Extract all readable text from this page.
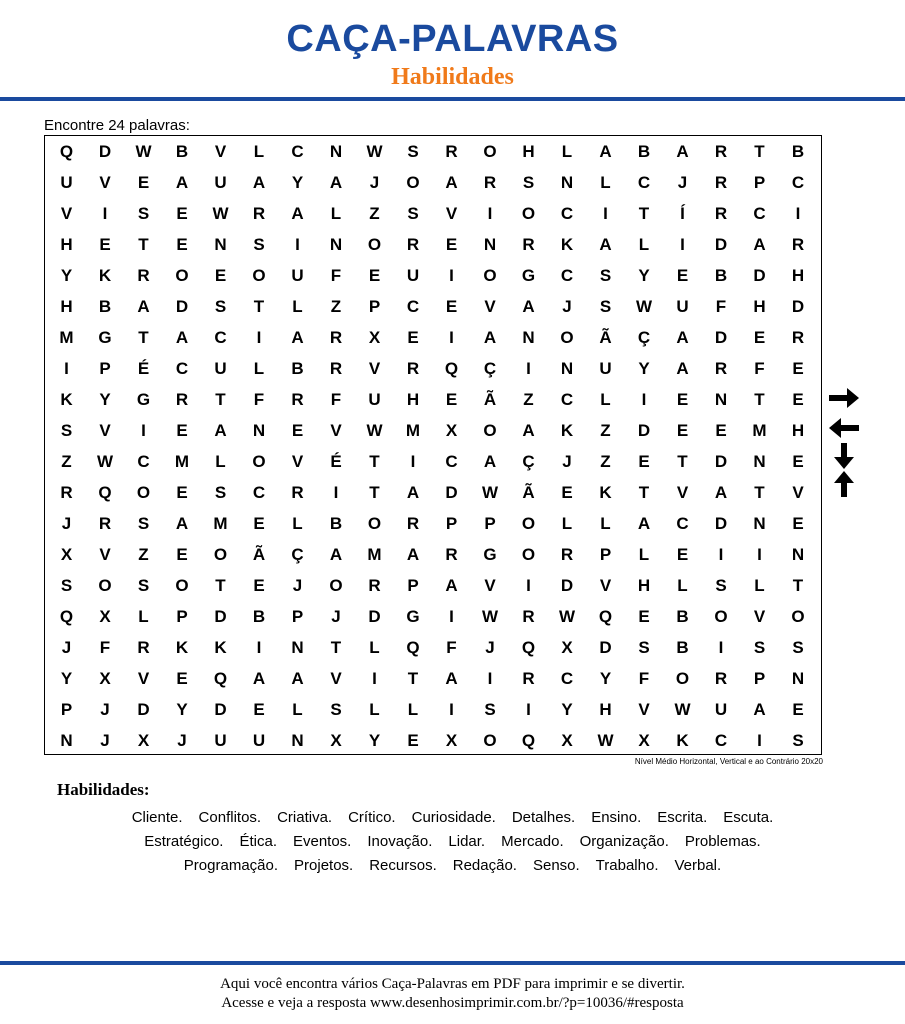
CAÇA-PALAVRAS
Habilidades
Encontre 24 palavras:
Q	D	W	B	V	L	C	N	W	S	R	O	H	L	A	B	A	R	T	B
U	V	E	A	U	A	Y	A	J	O	A	R	S	N	L	C	J	R	P	C
V	I	S	E	W	R	A	L	Z	S	V	I	O	C	I	T	Í	R	C	I
H	E	T	E	N	S	I	N	O	R	E	N	R	K	A	L	I	D	A	R
Y	K	R	O	E	O	U	F	E	U	I	O	G	C	S	Y	E	B	D	H
H	B	A	D	S	T	L	Z	P	C	E	V	A	J	S	W	U	F	H	D
M	G	T	A	C	I	A	R	X	E	I	A	N	O	Ã	Ç	A	D	E	R
I	P	É	C	U	L	B	R	V	R	Q	Ç	I	N	U	Y	A	R	F	E
K	Y	G	R	T	F	R	F	U	H	E	Ã	Z	C	L	I	E	N	T	E
S	V	I	E	A	N	E	V	W	M	X	O	A	K	Z	D	E	E	M	H
Z	W	C	M	L	O	V	É	T	I	C	A	Ç	J	Z	E	T	D	N	E
R	Q	O	E	S	C	R	I	T	A	D	W	Ã	E	K	T	V	A	T	V
J	R	S	A	M	E	L	B	O	R	P	P	O	L	L	A	C	D	N	E
X	V	Z	E	O	Ã	Ç	A	M	A	R	G	O	R	P	L	E	I	I	N
S	O	S	O	T	E	J	O	R	P	A	V	I	D	V	H	L	S	L	T
Q	X	L	P	D	B	P	J	D	G	I	W	R	W	Q	E	B	O	V	O
J	F	R	K	K	I	N	T	L	Q	F	J	Q	X	D	S	B	I	S	S
Y	X	V	E	Q	A	A	V	I	T	A	I	R	C	Y	F	O	R	P	N
P	J	D	Y	D	E	L	S	L	L	I	S	I	Y	H	V	W	U	A	E
N	J	X	J	U	U	N	X	Y	E	X	O	Q	X	W	X	K	C	I	S
Nível Médio Horizontal, Vertical e ao Contrário 20x20
Habilidades:
Cliente. Conflitos. Criativa. Crítico. Curiosidade. Detalhes. Ensino. Escrita. Escuta.
Estratégico. Ética. Eventos. Inovação. Lidar. Mercado. Organização. Problemas.
Programação. Projetos. Recursos. Redação. Senso. Trabalho. Verbal.
Aqui você encontra vários Caça-Palavras em PDF para imprimir e se divertir.
Acesse e veja a resposta www.desenhosimprimir.com.br/?p=10036/#resposta
